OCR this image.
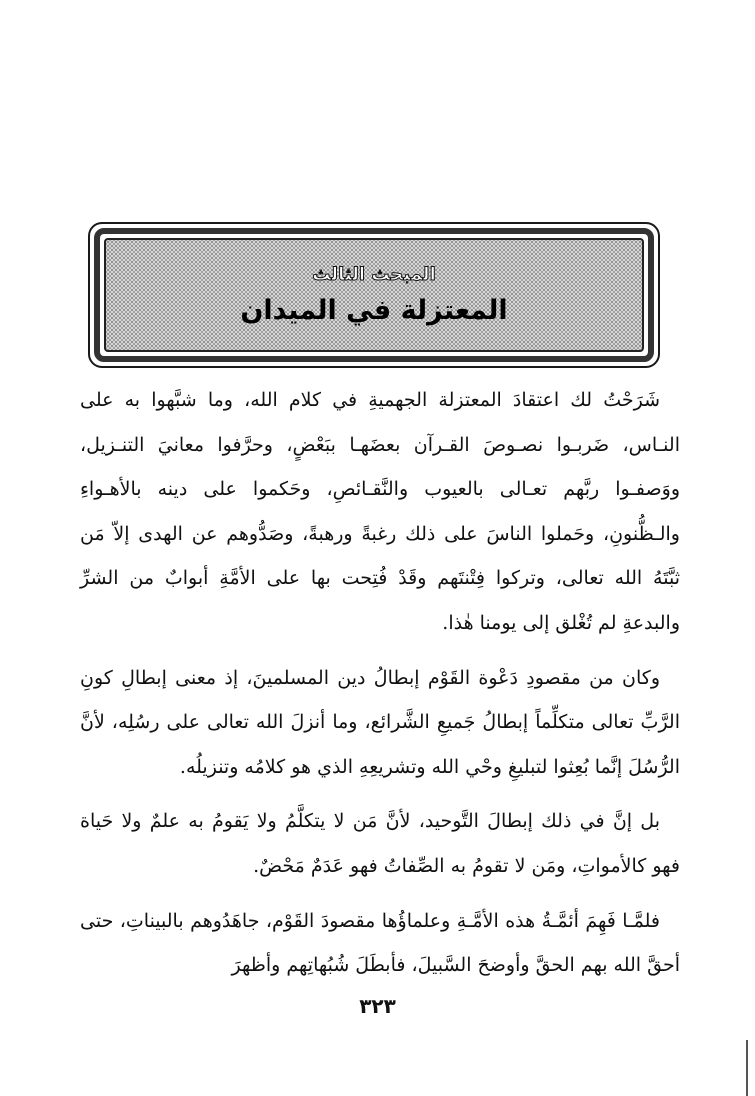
المبحث الثالث
المعتزلة في الميدان

شَرَحْتُ لك اعتقادَ المعتزلة الجهميةِ في كلام الله، وما شبَّهوا به على النـاس، ضَربـوا نصـوصَ القـرآن بعضَهـا ببَعْضٍ، وحرَّفوا معانيَ التنـزيل، ووَصفـوا ربَّهم تعـالى بالعيوب والنَّقـائصِ، وحَكموا على دينه بالأهـواءِ والـظُّنونِ، وحَملوا الناسَ على ذلك رغبةً ورهبةً، وصَدُّوهم عن الهدى إلاّ مَن ثبَّتَهُ الله تعالى، وتركوا فِتْنتَهم وقَدْ فُتِحت بها على الأمَّةِ أبوابٌ من الشرِّ والبدعةِ لم تُغْلق إلى يومنا هٰذا.

وكان من مقصودِ دَعْوة القَوْم إبطالُ دين المسلمينَ، إذ معنى إبطالِ كونِ الرَّبِّ تعالى متكلِّماً إبطالُ جَميعِ الشَّرائع، وما أنزلَ الله تعالى على رسُلِه، لأنَّ الرُّسُلَ إنَّما بُعِثوا لتبليغِ وحْي الله وتشريعِهِ الذي هو كلامُه وتنزيلُه.

بل إنَّ في ذلك إبطالَ التَّوحيد، لأنَّ مَن لا يتكلَّمُ ولا يَقومُ به علمٌ ولا حَياة فهو كالأمواتِ، ومَن لا تقومُ به الصِّفاتُ فهو عَدَمٌ مَحْضٌ.

فلمَّـا فَهِمَ أئمَّـةُ هذه الأمَّـةِ وعلماؤُها مقصودَ القَوْم، جاهَدُوهم بالبيناتِ، حتى أحقَّ الله بهم الحقَّ وأوضحَ السَّبيلَ، فأبطَلَ شُبُهاتِهم وأظهرَ

٣٢٣
